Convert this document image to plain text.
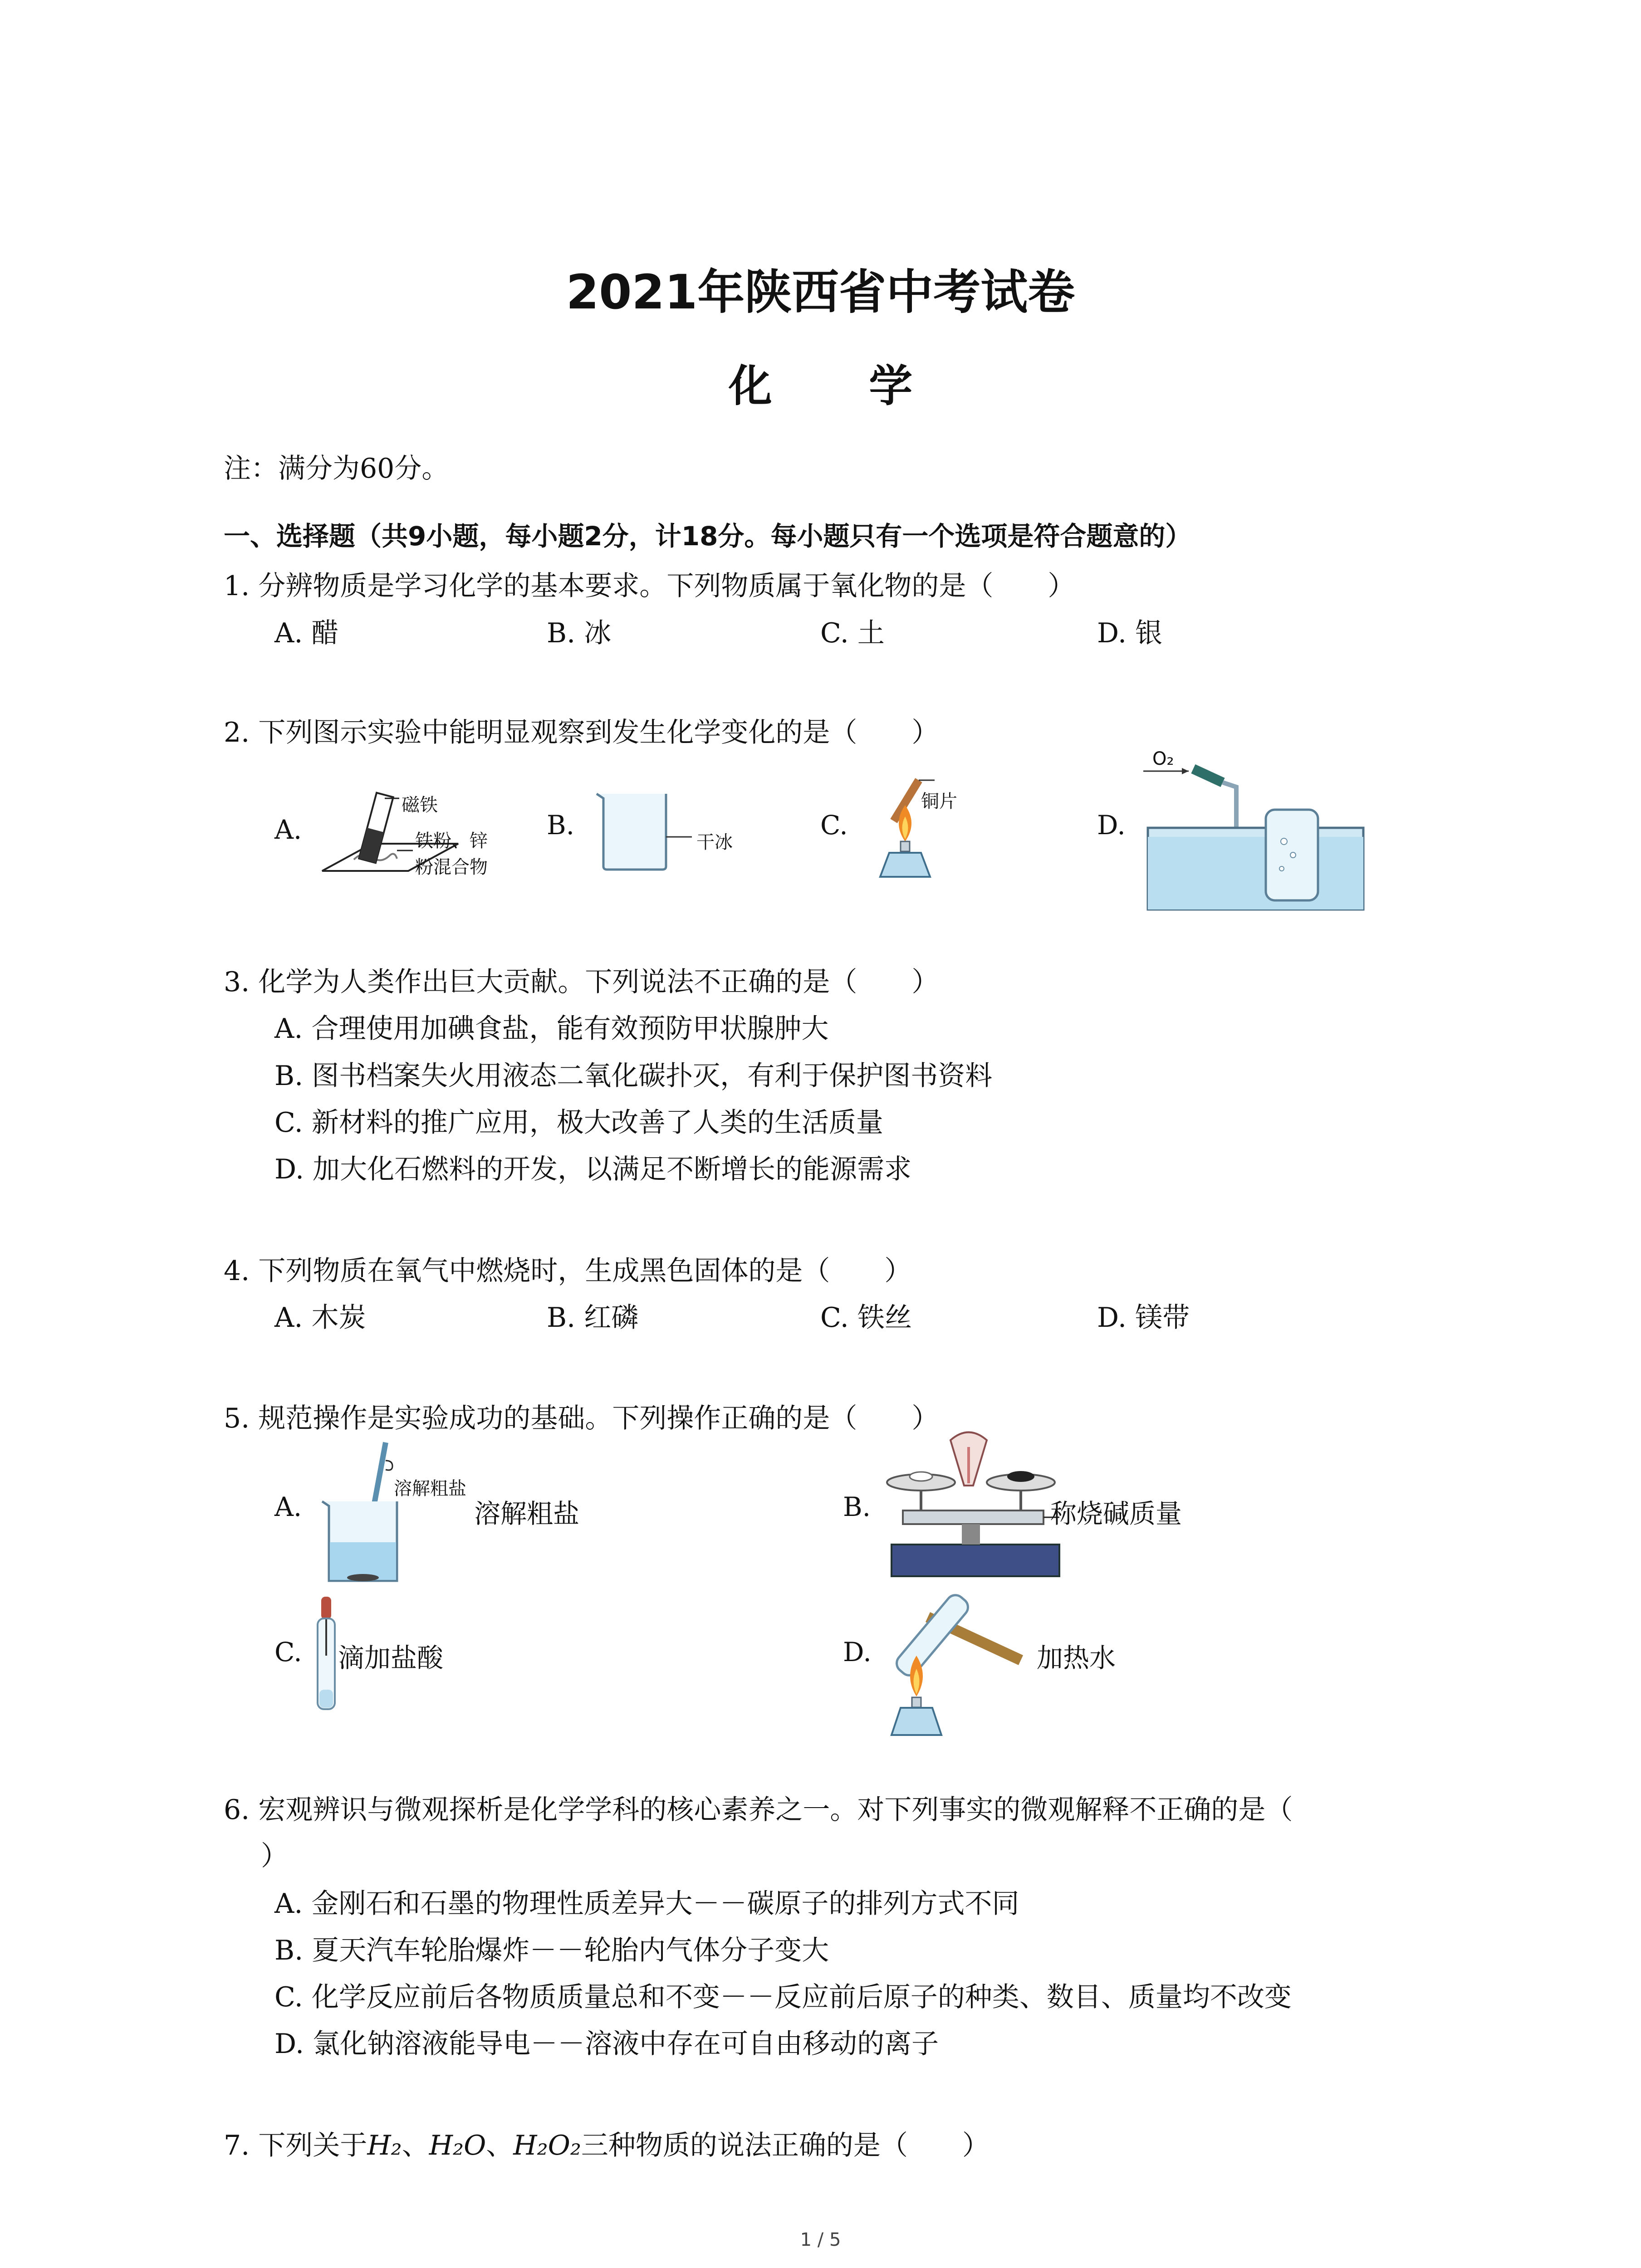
2021年陕西省中考试卷
化 学
注：满分为60分。
一、选择题（共9小题，每小题2分，计18分。每小题只有一个选项是符合题意的）
1. 分辨物质是学习化学的基本要求。下列物质属于氧化物的是（　　）
A. 醋	B. 冰	C. 土	D. 银
2. 下列图示实验中能明显观察到发生化学变化的是（　　）
A.
磁铁
铁粉、锌
粉混合物
B.
干冰
C.
铜片
D.
O₂
3. 化学为人类作出巨大贡献。下列说法不正确的是（　　）
A. 合理使用加碘食盐，能有效预防甲状腺肿大
B. 图书档案失火用液态二氧化碳扑灭，有利于保护图书资料
C. 新材料的推广应用，极大改善了人类的生活质量
D. 加大化石燃料的开发，以满足不断增长的能源需求
4. 下列物质在氧气中燃烧时，生成黑色固体的是（　　）
A. 木炭	B. 红磷	C. 铁丝	D. 镁带
5. 规范操作是实验成功的基础。下列操作正确的是（　　）
A.
溶解粗盐
溶解粗盐	B.	称烧碱质量
C. 滴加盐酸	D.	加热水
6. 宏观辨识与微观探析是化学学科的核心素养之一。对下列事实的微观解释不正确的是（
）
A. 金刚石和石墨的物理性质差异大－－碳原子的排列方式不同
B. 夏天汽车轮胎爆炸－－轮胎内气体分子变大
C. 化学反应前后各物质质量总和不变－－反应前后原子的种类、数目、质量均不改变
D. 氯化钠溶液能导电－－溶液中存在可自由移动的离子
7. 下列关于H₂、H₂O、H₂O₂三种物质的说法正确的是（　　）
1 / 5
